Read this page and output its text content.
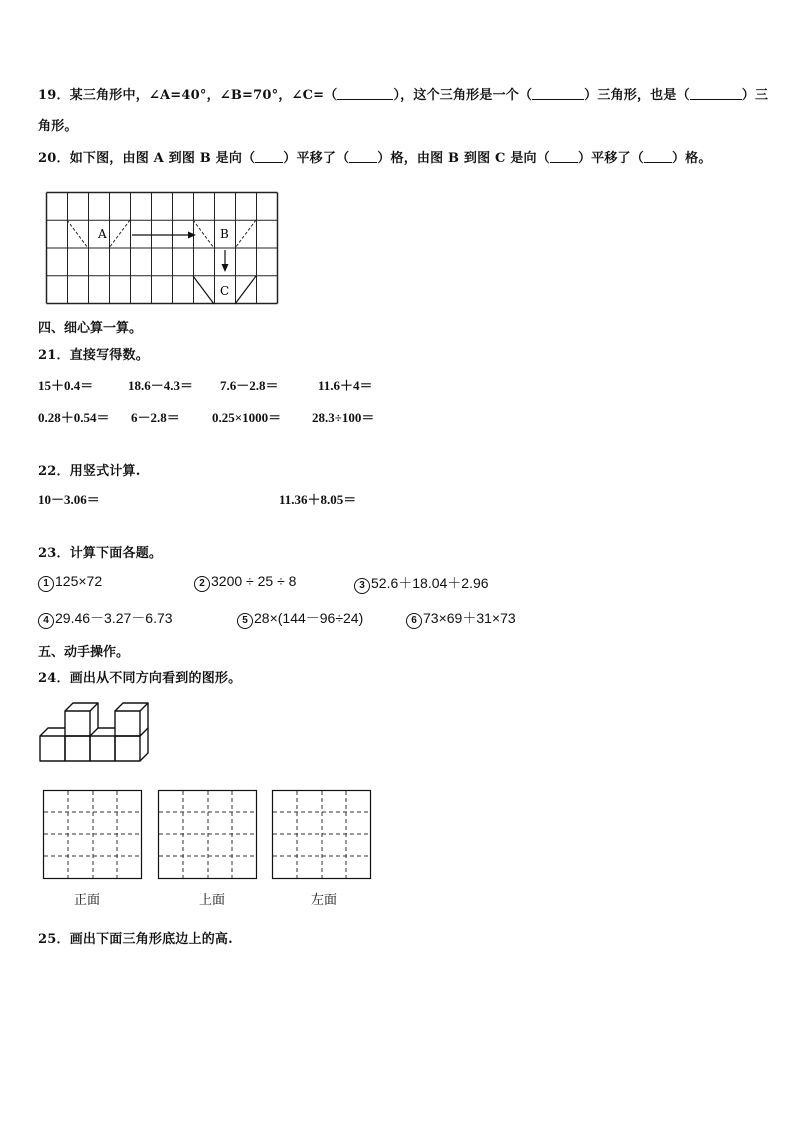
19．某三角形中，∠A=40°，∠B=70°，∠C=（	），这个三角形是一个（	）三角形，也是（	）三
角形。
20．如下图，由图 A 到图 B 是向（ ）平移了（ ）格，由图 B 到图 C 是向（ ）平移了（ ）格。
A	B
C
四、细心算一算。
21．直接写得数。
15＋0.4＝	18.6－4.3＝ 7.6－2.8＝	11.6＋4＝
0.28＋0.54＝ 6－2.8＝ 0.25×1000＝ 28.3÷100＝
22．用竖式计算.
10－3.06＝	11.36＋8.05＝
23．计算下面各题。
1 125×72	2 3200 ÷ 25 ÷ 8	3 52.6＋18.04＋2.96
4 29.46－3.27－6.73	5 28×(144－96÷24)	6 73×69＋31×73
五、动手操作。
24．画出从不同方向看到的图形。
正面	上面	左面
25．画出下面三角形底边上的高.
